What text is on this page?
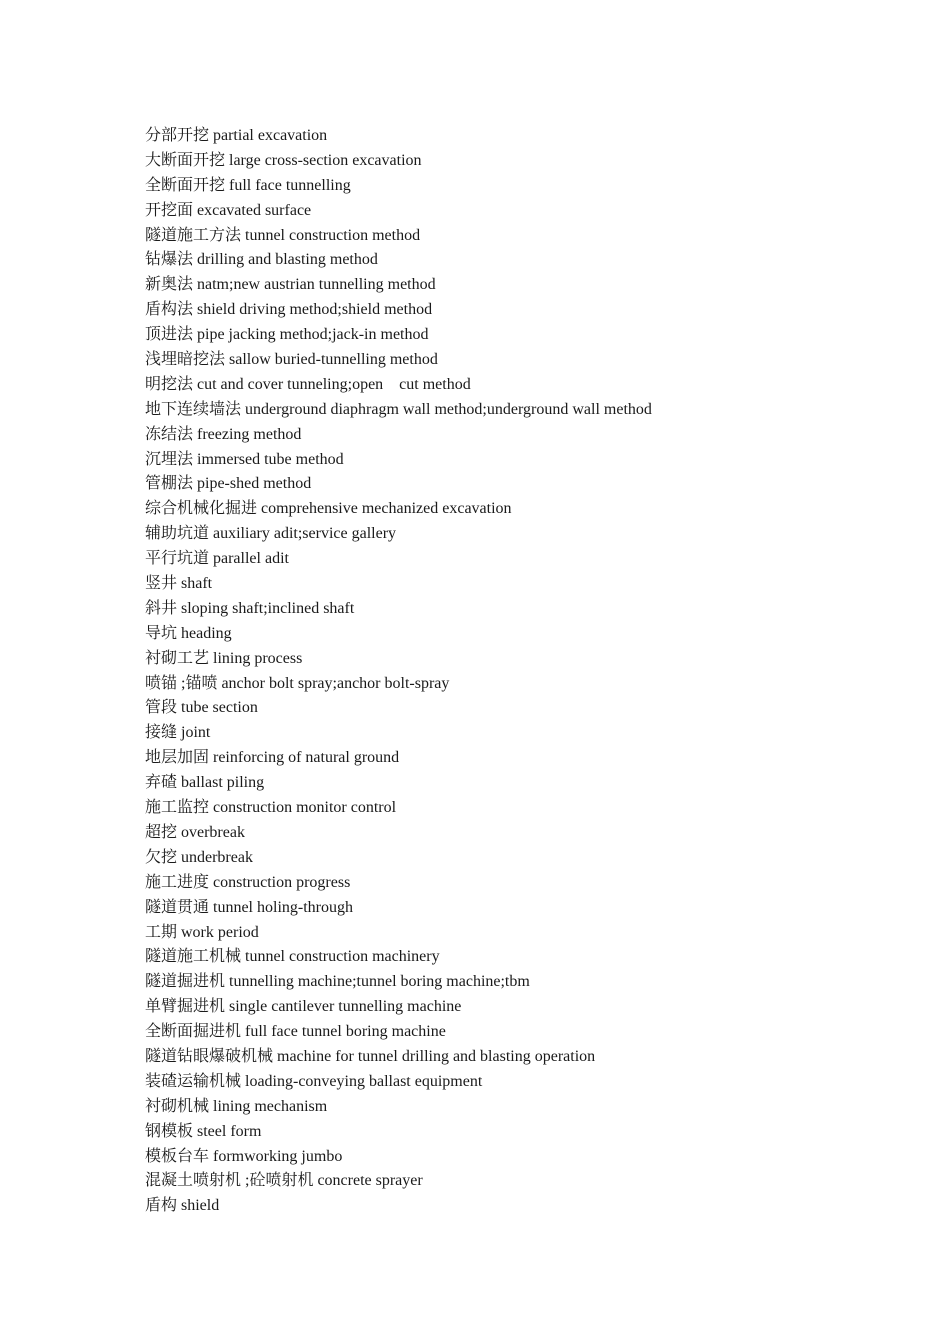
分部开挖 partial excavation
大断面开挖 large cross-section excavation
全断面开挖 full face tunnelling
开挖面 excavated surface
隧道施工方法 tunnel construction method
钻爆法 drilling and blasting method
新奥法 natm;new austrian tunnelling method
盾构法 shield driving method;shield method
顶进法 pipe jacking method;jack-in method
浅埋暗挖法 sallow buried-tunnelling method
明挖法 cut and cover tunneling;open    cut method
地下连续墙法 underground diaphragm wall method;underground wall method
冻结法 freezing method
沉埋法 immersed tube method
管棚法 pipe-shed method
综合机械化掘进 comprehensive mechanized excavation
辅助坑道 auxiliary adit;service gallery
平行坑道 parallel adit
竖井 shaft
斜井 sloping shaft;inclined shaft
导坑 heading
衬砌工艺 lining process
喷锚 ;锚喷 anchor bolt spray;anchor bolt-spray
管段 tube section
接缝 joint
地层加固 reinforcing of natural ground
弃碴 ballast piling
施工监控 construction monitor control
超挖 overbreak
欠挖 underbreak
施工进度 construction progress
隧道贯通 tunnel holing-through
工期 work period
隧道施工机械 tunnel construction machinery
隧道掘进机 tunnelling machine;tunnel boring machine;tbm
单臂掘进机 single cantilever tunnelling machine
全断面掘进机 full face tunnel boring machine
隧道钻眼爆破机械 machine for tunnel drilling and blasting operation
装碴运输机械 loading-conveying ballast equipment
衬砌机械 lining mechanism
钢模板 steel form
模板台车 formworking jumbo
混凝土喷射机 ;砼喷射机 concrete sprayer
盾构 shield
